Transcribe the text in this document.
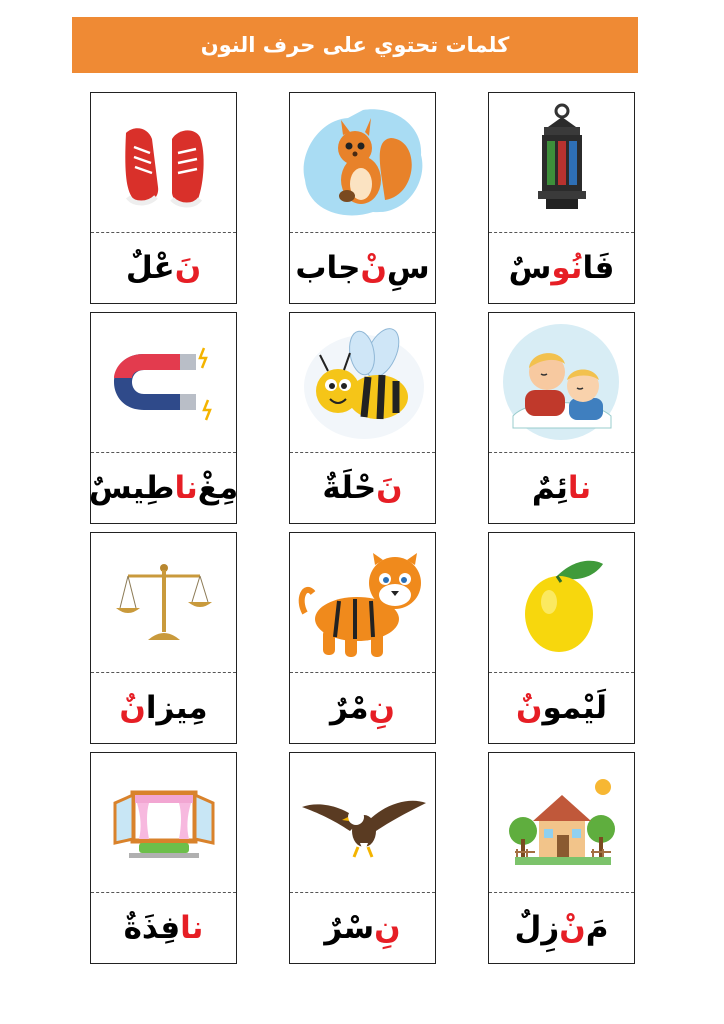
كلمات تحتوي على حرف النون
فَا
نُو
سٌ
سِ
نْ
جاب
نَ
عْلٌ
نا
ئِمٌ
نَ
حْلَةٌ
مِغْ
نا
طِيسٌ
لَيْمو
نٌ
نِ
مْرٌ
مِيزا
نٌ
مَ
نْ
زِلٌ
نِ
سْرٌ
نا
فِذَةٌ
